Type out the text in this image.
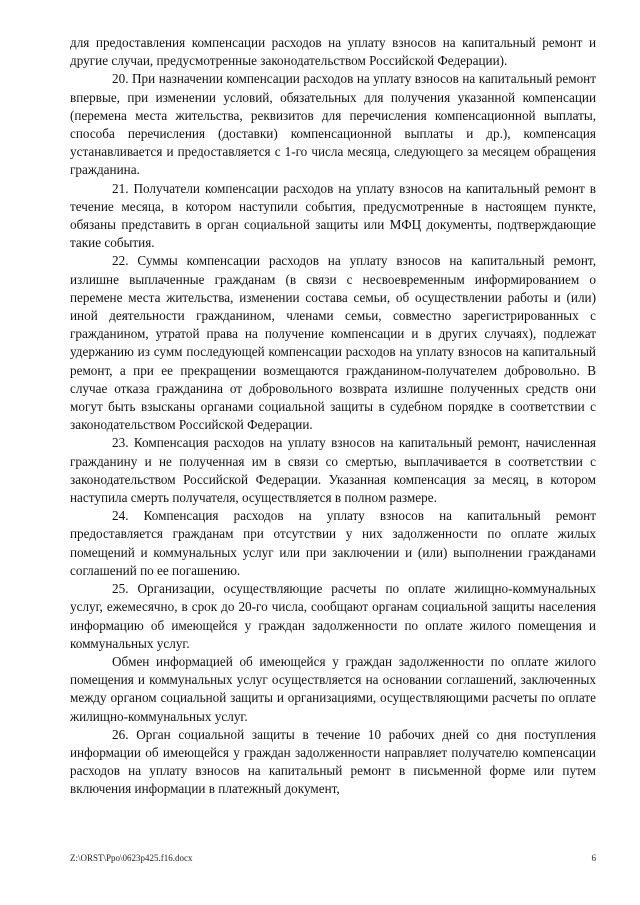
для предоставления компенсации расходов на уплату взносов на капитальный ремонт и другие случаи, предусмотренные законодательством Российской Федерации).

20. При назначении компенсации расходов на уплату взносов на капитальный ремонт впервые, при изменении условий, обязательных для получения указанной компенсации (перемена места жительства, реквизитов для перечисления компенсационной выплаты, способа перечисления (доставки) компенсационной выплаты и др.), компенсация устанавливается и предоставляется с 1-го числа месяца, следующего за месяцем обращения гражданина.

21. Получатели компенсации расходов на уплату взносов на капитальный ремонт в течение месяца, в котором наступили события, предусмотренные в настоящем пункте, обязаны представить в орган социальной защиты или МФЦ документы, подтверждающие такие события.

22. Суммы компенсации расходов на уплату взносов на капитальный ремонт, излишне выплаченные гражданам (в связи с несвоевременным информированием о перемене места жительства, изменении состава семьи, об осуществлении работы и (или) иной деятельности гражданином, членами семьи, совместно зарегистрированных с гражданином, утратой права на получение компенсации и в других случаях), подлежат удержанию из сумм последующей компенсации расходов на уплату взносов на капитальный ремонт, а при ее прекращении возмещаются гражданином-получателем добровольно. В случае отказа гражданина от добровольного возврата излишне полученных средств они могут быть взысканы органами социальной защиты в судебном порядке в соответствии с законодательством Российской Федерации.

23. Компенсация расходов на уплату взносов на капитальный ремонт, начисленная гражданину и не полученная им в связи со смертью, выплачивается в соответствии с законодательством Российской Федерации. Указанная компенсация за месяц, в котором наступила смерть получателя, осуществляется в полном размере.

24. Компенсация расходов на уплату взносов на капитальный ремонт предоставляется гражданам при отсутствии у них задолженности по оплате жилых помещений и коммунальных услуг или при заключении и (или) выполнении гражданами соглашений по ее погашению.

25. Организации, осуществляющие расчеты по оплате жилищно-коммунальных услуг, ежемесячно, в срок до 20-го числа, сообщают органам социальной защиты населения информацию об имеющейся у граждан задолженности по оплате жилого помещения и коммунальных услуг.

Обмен информацией об имеющейся у граждан задолженности по оплате жилого помещения и коммунальных услуг осуществляется на основании соглашений, заключенных между органом социальной защиты и организациями, осуществляющими расчеты по оплате жилищно-коммунальных услуг.

26. Орган социальной защиты в течение 10 рабочих дней со дня поступления информации об имеющейся у граждан задолженности направляет получателю компенсации расходов на уплату взносов на капитальный ремонт в письменной форме или путем включения информации в платежный документ,

Z:\ORST\Ppo\0623p425.f16.docx	6
